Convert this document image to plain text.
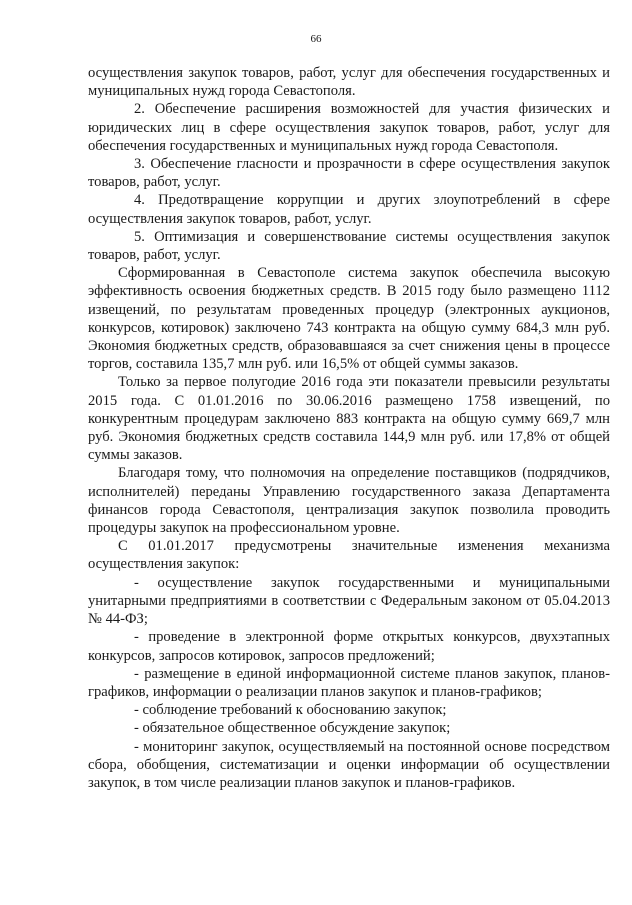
66

осуществления закупок товаров, работ, услуг для обеспечения государственных и муниципальных нужд города Севастополя.

2. Обеспечение расширения возможностей для участия физических и юридических лиц в сфере осуществления закупок товаров, работ, услуг для обеспечения государственных и муниципальных нужд города Севастополя.

3. Обеспечение гласности и прозрачности в сфере осуществления закупок товаров, работ, услуг.

4. Предотвращение коррупции и других злоупотреблений в сфере осуществления закупок товаров, работ, услуг.

5. Оптимизация и совершенствование системы осуществления закупок товаров, работ, услуг.

Сформированная в Севастополе система закупок обеспечила высокую эффективность освоения бюджетных средств. В 2015 году было размещено 1112 извещений, по результатам проведенных процедур (электронных аукционов, конкурсов, котировок) заключено 743 контракта на общую сумму 684,3 млн руб. Экономия бюджетных средств, образовавшаяся за счет снижения цены в процессе торгов, составила 135,7 млн руб. или 16,5% от общей суммы заказов.

Только за первое полугодие 2016 года эти показатели превысили результаты 2015 года. С 01.01.2016 по 30.06.2016 размещено 1758 извещений, по конкурентным процедурам заключено 883 контракта на общую сумму 669,7 млн руб. Экономия бюджетных средств составила 144,9 млн руб. или 17,8% от общей суммы заказов.

Благодаря тому, что полномочия на определение поставщиков (подрядчиков, исполнителей) переданы Управлению государственного заказа Департамента финансов города Севастополя, централизация закупок позволила проводить процедуры закупок на профессиональном уровне.

С 01.01.2017 предусмотрены значительные изменения механизма осуществления закупок:

- осуществление закупок государственными и муниципальными унитарными предприятиями в соответствии с Федеральным законом от 05.04.2013 № 44-ФЗ;

- проведение в электронной форме открытых конкурсов, двухэтапных конкурсов, запросов котировок, запросов предложений;

- размещение в единой информационной системе планов закупок, планов-графиков, информации о реализации планов закупок и планов-графиков;

- соблюдение требований к обоснованию закупок;

- обязательное общественное обсуждение закупок;

- мониторинг закупок, осуществляемый на постоянной основе посредством сбора, обобщения, систематизации и оценки информации об осуществлении закупок, в том числе реализации планов закупок и планов-графиков.
